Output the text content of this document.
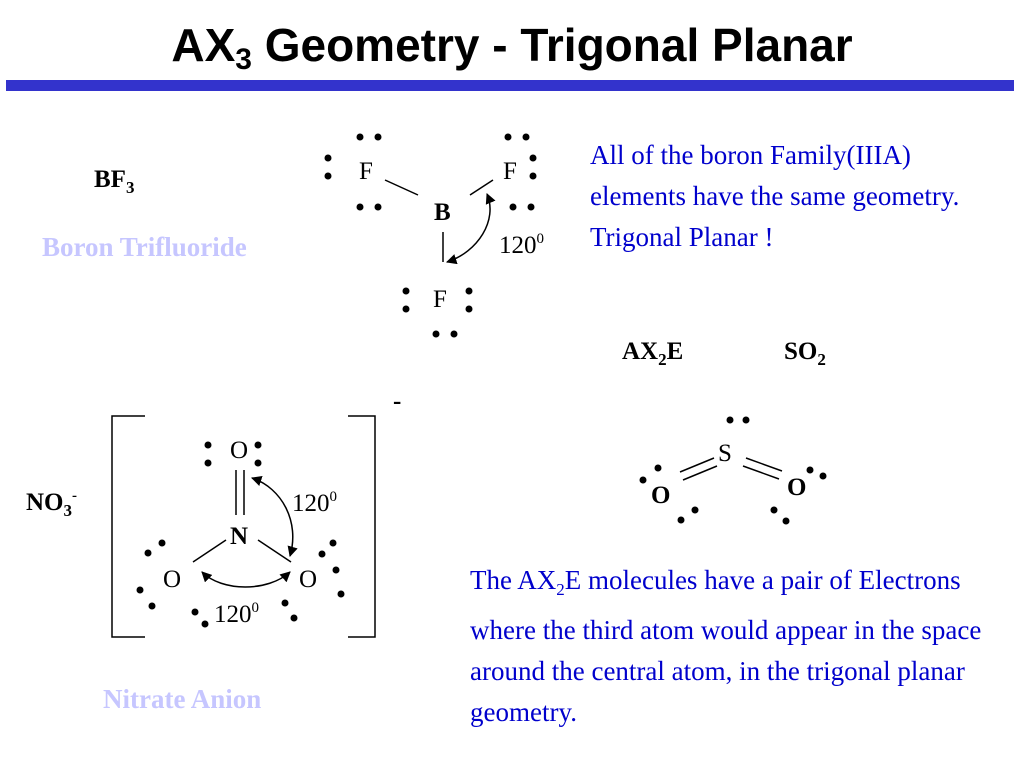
$AX_3$ Geometry - Trigonal Planar
$BF_3$
Boron Trifluoride
F	F
B
F
$120^0$
All of the boron Family(IIIA) elements have the same geometry. Trigonal Planar !
$AX_2E$	$SO_2$
S
O	O
-
$NO_3^-$
O
N
O	O
$120^0$
$120^0$
Nitrate Anion
The $AX_2E$ molecules have a pair of Electrons where the third atom would appear in the space around the central atom, in the trigonal planar geometry.
